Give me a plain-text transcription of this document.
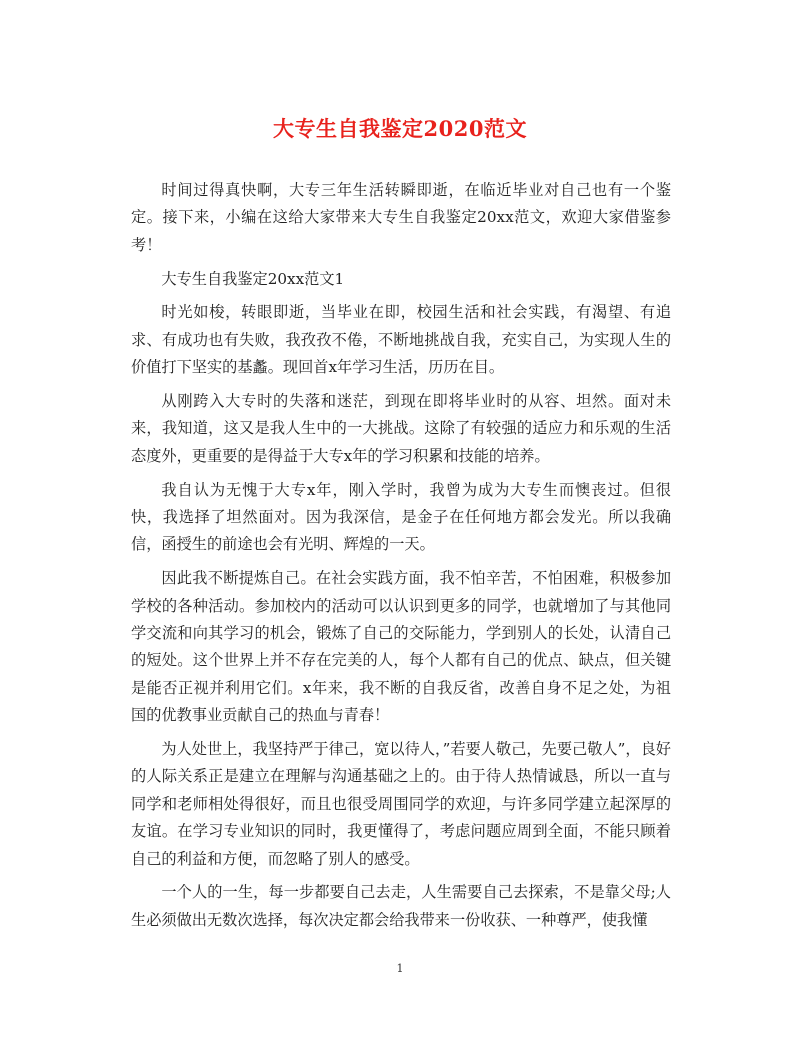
大专生自我鉴定2020范文

时间过得真快啊，大专三年生活转瞬即逝，在临近毕业对自己也有一个鉴定。接下来，小编在这给大家带来大专生自我鉴定20xx范文，欢迎大家借鉴参考！

大专生自我鉴定20xx范文1

时光如梭，转眼即逝，当毕业在即，校园生活和社会实践，有渴望、有追求、有成功也有失败，我孜孜不倦，不断地挑战自我，充实自己，为实现人生的价值打下坚实的基蠡。现回首x年学习生活，历历在目。

从刚跨入大专时的失落和迷茫，到现在即将毕业时的从容、坦然。面对未来，我知道，这又是我人生中的一大挑战。这除了有较强的适应力和乐观的生活态度外，更重要的是得益于大专x年的学习积累和技能的培养。

我自认为无愧于大专x年，刚入学时，我曾为成为大专生而懊丧过。但很快，我选择了坦然面对。因为我深信，是金子在任何地方都会发光。所以我确信，函授生的前途也会有光明、辉煌的一天。

因此我不断提炼自己。在社会实践方面，我不怕辛苦，不怕困难，积极参加学校的各种活动。参加校内的活动可以认识到更多的同学，也就增加了与其他同学交流和向其学习的机会，锻炼了自己的交际能力，学到别人的长处，认清自己的短处。这个世界上并不存在完美的人，每个人都有自己的优点、缺点，但关键是能否正视并利用它们。x年来，我不断的自我反省，改善自身不足之处，为祖国的优教事业贡献自己的热血与青春！

为人处世上，我坚持严于律己，宽以待人，”若要人敬己，先要己敬人”，良好的人际关系正是建立在理解与沟通基础之上的。由于待人热情诚恳，所以一直与同学和老师相处得很好，而且也很受周围同学的欢迎，与许多同学建立起深厚的友谊。在学习专业知识的同时，我更懂得了，考虑问题应周到全面，不能只顾着自己的利益和方便，而忽略了别人的感受。

一个人的一生，每一步都要自己去走，人生需要自己去探索，不是靠父母;人生必须做出无数次选择，每次决定都会给我带来一份收获、一种尊严，使我懂

1
